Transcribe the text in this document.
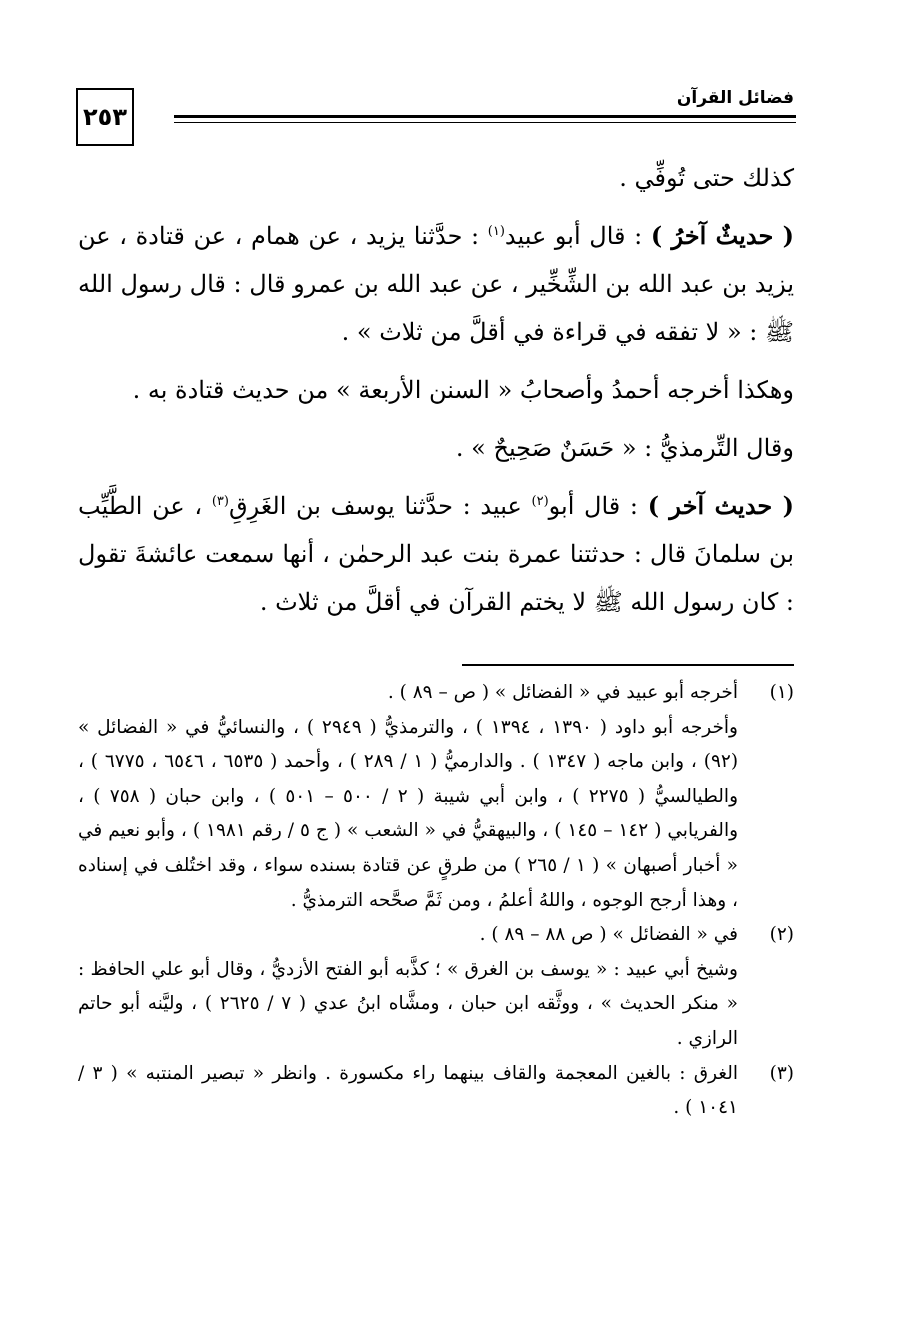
٢٥٣
فضائل القرآن

كذلك حتى تُوفِّي .

( حديثٌ آخرُ ) : قال أبو عبيد$^{(١)}$ : حدَّثنا يزيد ، عن همام ، عن قتادة ، عن يزيد بن عبد الله بن الشِّخِّير ، عن عبد الله بن عمرو قال : قال رسول الله ﷺ : « لا تفقه في قراءة في أقلَّ من ثلاث » .

وهكذا أخرجه أحمدُ وأصحابُ « السنن الأربعة » من حديث قتادة به .

وقال التِّرمذيُّ : « حَسَنٌ صَحِيحٌ » .

( حديث آخر ) : قال أبو$^{(٢)}$ عبيد : حدَّثنا يوسف بن الغَرِقِ$^{(٣)}$ ، عن الطَّيِّب بن سلمانَ قال : حدثتنا عمرة بنت عبد الرحمٰن ، أنها سمعت عائشةَ تقول : كان رسول الله ﷺ لا يختم القرآن في أقلَّ من ثلاث .

(١)

أخرجه أبو عبيد في « الفضائل » ( ص – ٨٩ ) .

وأخرجه أبو داود ( ١٣٩٠ ، ١٣٩٤ ) ، والترمذيُّ ( ٢٩٤٩ ) ، والنسائيُّ في « الفضائل » (٩٢) ، وابن ماجه ( ١٣٤٧ ) . والدارميُّ ( ١ / ٢٨٩ ) ، وأحمد ( ٦٥٣٥ ، ٦٥٤٦ ، ٦٧٧٥ ) ، والطيالسيُّ ( ٢٢٧٥ ) ، وابن أبي شيبة ( ٢ / ٥٠٠ – ٥٠١ ) ، وابن حبان ( ٧٥٨ ) ، والفريابي ( ١٤٢ – ١٤٥ ) ، والبيهقيُّ في « الشعب » ( ج ٥ / رقم ١٩٨١ ) ، وأبو نعيم في « أخبار أصبهان » ( ١ / ٢٦٥ ) من طرقٍ عن قتادة بسنده سواء ، وقد اختُلف في إسناده ، وهذا أرجح الوجوه ، واللهُ أعلمُ ، ومن ثَمَّ صحَّحه الترمذيُّ .

(٢)

في « الفضائل » ( ص ٨٨ – ٨٩ ) .

وشيخ أبي عبيد : « يوسف بن الغرق » ؛ كذَّبه أبو الفتح الأزديُّ ، وقال أبو علي الحافظ : « منكر الحديث » ، ووثَّقه ابن حبان ، ومشَّاه ابنُ عدي ( ٧ / ٢٦٢٥ ) ، وليَّنه أبو حاتم الرازي .

(٣)

الغرق : بالغين المعجمة والقاف بينهما راء مكسورة . وانظر « تبصير المنتبه » ( ٣ / ١٠٤١ ) .
